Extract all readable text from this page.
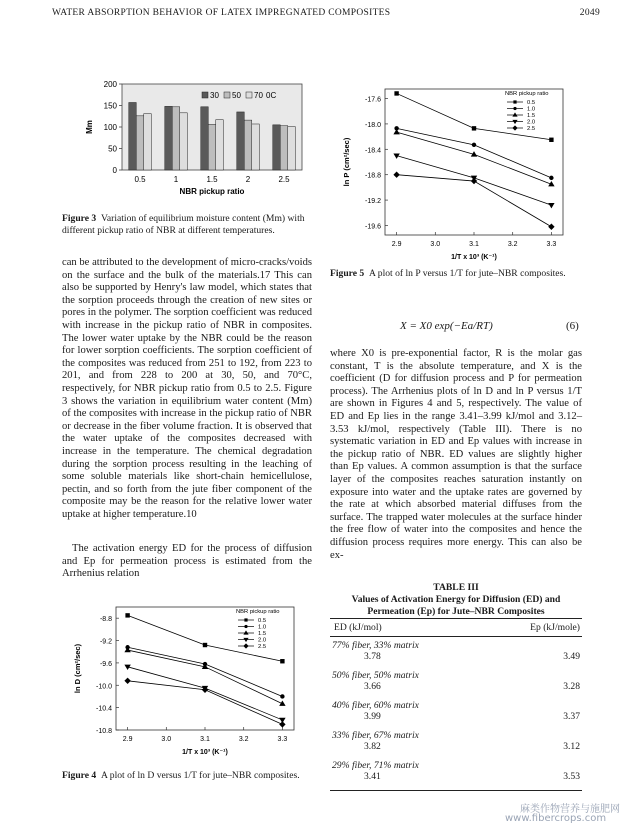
WATER ABSORPTION BEHAVIOR OF LATEX IMPREGNATED COMPOSITES	2049
0
50
100
150
200
0.5	1	1.5	2	2.5
NBR pickup ratio
Mm
30 50 70 0C
Figure 3 Variation of equilibrium moisture content (Mm) with different pickup ratio of NBR at different temperatures.
can be attributed to the development of micro-cracks/voids on the surface and the bulk of the materials.17 This can also be supported by Henry's law model, which states that the sorption proceeds through the creation of new sites or pores in the polymer. The sorption coefficient was reduced with increase in the pickup ratio of NBR in composites. The lower water uptake by the NBR could be the reason for lower sorption coefficients. The sorption coefficient of the composites was reduced from 251 to 192, from 223 to 201, and from 228 to 200 at 30, 50, and 70°C, respectively, for NBR pickup ratio from 0.5 to 2.5. Figure 3 shows the variation in equilibrium water content (Mm) of the composites with increase in the pickup ratio of NBR or decrease in the fiber volume fraction. It is observed that the water uptake of the composites decreased with increase in the temperature. The chemical degradation during the sorption process resulting in the leaching of some soluble materials like short-chain hemicellulose, pectin, and so forth from the jute fiber component of the composite may be the reason for the relative lower water uptake at higher temperature.10
The activation energy ED for the process of diffusion and Ep for permeation process is estimated from the Arrhenius relation
-8.8
-9.2
-9.6
-10.0
-10.4
-10.8
2.9	3.0	3.1	3.2	3.3
1/T x 10³ (K⁻¹)
ln D (cm²/sec)
NBR pickup ratio
0.5
1.0
1.5
2.0
2.5
Figure 4 A plot of ln D versus 1/T for jute–NBR composites.
-17.6
-18.0
-18.4
-18.8
-19.2
-19.6
2.9	3.0	3.1	3.2	3.3
1/T x 10³ (K⁻¹)
ln P (cm²/sec)
NBR pickup ratio
0.5
1.0
1.5
2.0
2.5
Figure 5 A plot of ln P versus 1/T for jute–NBR composites.
X = X0 exp(−Ea/RT)	(6)
where X0 is pre-exponential factor, R is the molar gas constant, T is the absolute temperature, and X is the coefficient (D for diffusion process and P for permeation process). The Arrhenius plots of ln D and ln P versus 1/T are shown in Figures 4 and 5, respectively. The value of ED and Ep lies in the range 3.41–3.99 kJ/mol and 3.12–3.53 kJ/mol, respectively (Table III). There is no systematic variation in ED and Ep values with increase in the pickup ratio of NBR. ED values are slightly higher than Ep values. A common assumption is that the surface layer of the composites reaches saturation instantly on exposure into water and the uptake rates are governed by the rate at which absorbed material diffuses from the surface. The trapped water molecules at the surface hinder the free flow of water into the composites and hence the diffusion process requires more energy. This can also be ex-
TABLE III
Values of Activation Energy for Diffusion (ED) and Permeation (Ep) for Jute–NBR Composites
ED (kJ/mol)	Ep (kJ/mole)
77% fiber, 33% matrix
3.78	3.49
50% fiber, 50% matrix
3.66	3.28
40% fiber, 60% matrix
3.99	3.37
33% fiber, 67% matrix
3.82	3.12
29% fiber, 71% matrix
3.41	3.53
麻类作物营养与施肥网
www.fibercrops.com
